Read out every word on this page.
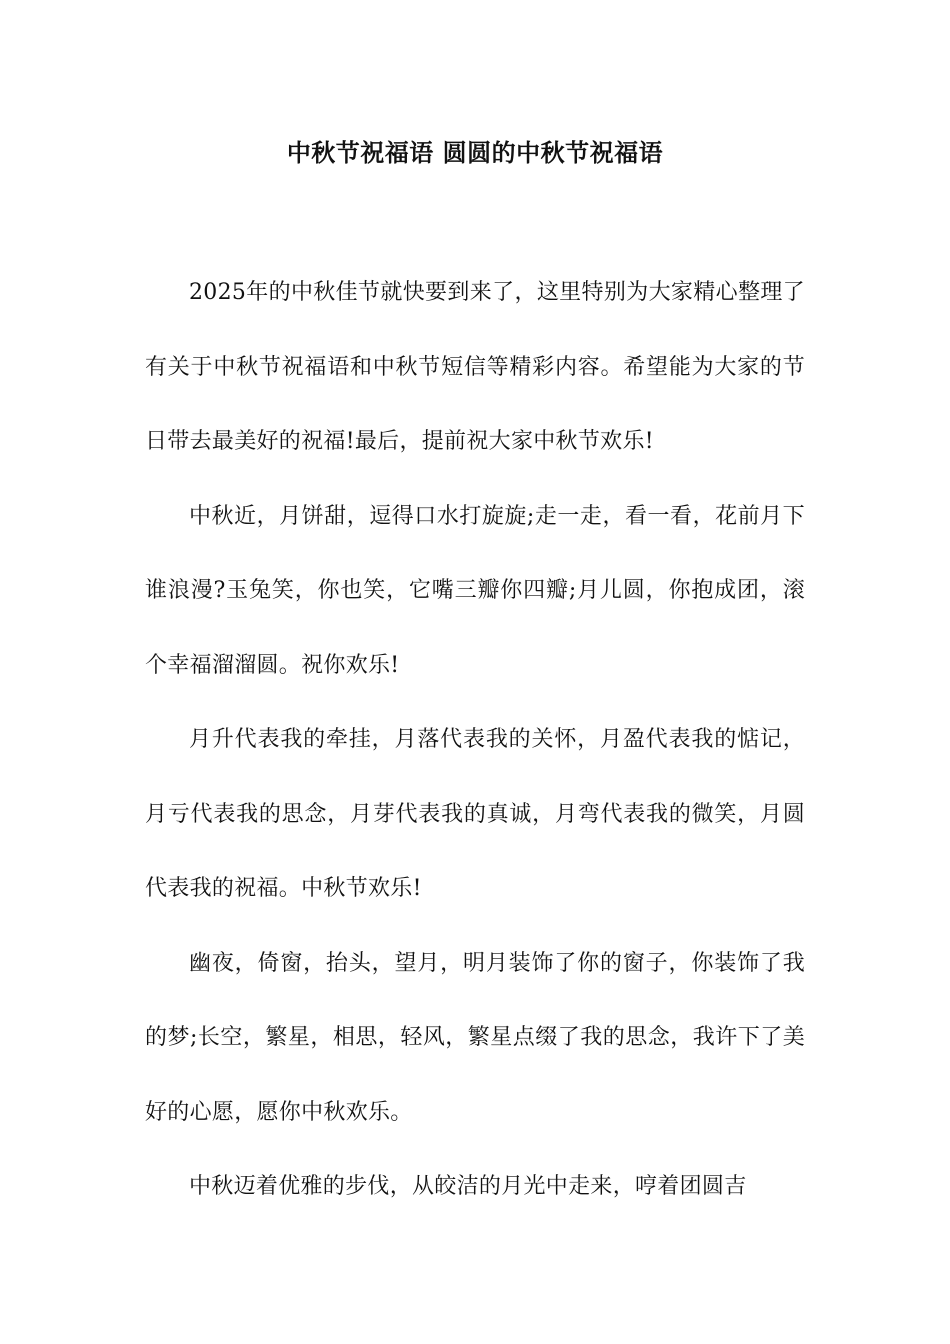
中秋节祝福语 圆圆的中秋节祝福语

2025年的中秋佳节就快要到来了，这里特别为大家精心整理了有关于中秋节祝福语和中秋节短信等精彩内容。希望能为大家的节日带去最美好的祝福!最后，提前祝大家中秋节欢乐!

中秋近，月饼甜，逗得口水打旋旋;走一走，看一看，花前月下谁浪漫?玉兔笑，你也笑，它嘴三瓣你四瓣;月儿圆，你抱成团，滚个幸福溜溜圆。祝你欢乐!

月升代表我的牵挂，月落代表我的关怀，月盈代表我的惦记，月亏代表我的思念，月芽代表我的真诚，月弯代表我的微笑，月圆代表我的祝福。中秋节欢乐!

幽夜，倚窗，抬头，望月，明月装饰了你的窗子，你装饰了我的梦;长空，繁星，相思，轻风，繁星点缀了我的思念，我许下了美好的心愿，愿你中秋欢乐。

中秋迈着优雅的步伐，从皎洁的月光中走来，哼着团圆吉
